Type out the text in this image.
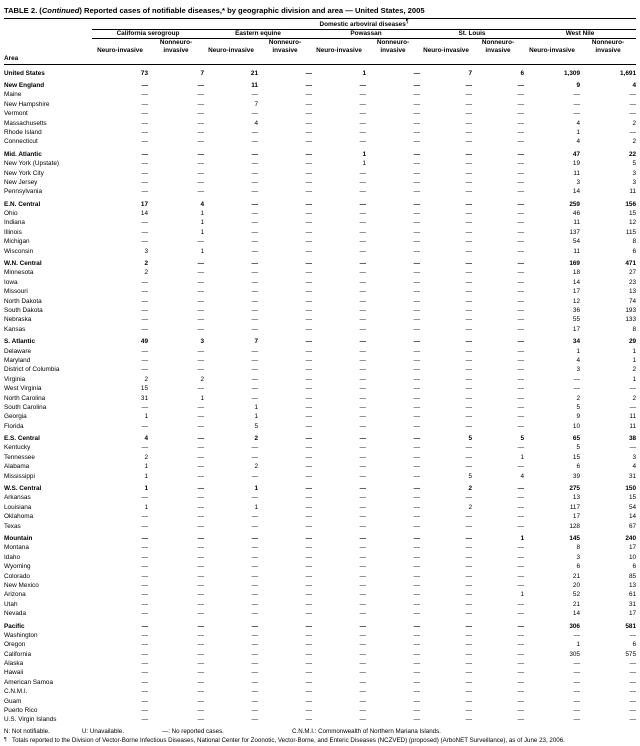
TABLE 2. (Continued) Reported cases of notifiable diseases,* by geographic division and area — United States, 2005
	Domestic arboviral diseases¶
	California serogroup		Eastern equine		Powassan		St. Louis		West Nile	
	Neuro-invasive	Nonneuro-invasive	Neuro-invasive	Nonneuro-invasive	Neuro-invasive	Nonneuro-invasive	Neuro-invasive	Nonneuro-invasive	Neuro-invasive	Nonneuro-invasive
Area										
United States	73	7	21	—	1	—	7	6	1,309	1,691
New England	—	—	11	—	—	—	—	—	9	4
Maine	—	—	—	—	—	—	—	—	—	—
New Hampshire	—	—	7	—	—	—	—	—	—	—
Vermont	—	—	—	—	—	—	—	—	—	—
Massachusetts	—	—	4	—	—	—	—	—	4	2
Rhode Island	—	—	—	—	—	—	—	—	1	—
Connecticut	—	—	—	—	—	—	—	—	4	2
Mid. Atlantic	—	—	—	—	1	—	—	—	47	22
New York (Upstate)	—	—	—	—	1	—	—	—	19	5
New York City	—	—	—	—	—	—	—	—	11	3
New Jersey	—	—	—	—	—	—	—	—	3	3
Pennsylvania	—	—	—	—	—	—	—	—	14	11
E.N. Central	17	4	—	—	—	—	—	—	259	156
Ohio	14	1	—	—	—	—	—	—	46	15
Indiana	—	1	—	—	—	—	—	—	11	12
Illinois	—	1	—	—	—	—	—	—	137	115
Michigan	—	—	—	—	—	—	—	—	54	8
Wisconsin	3	1	—	—	—	—	—	—	11	6
W.N. Central	2	—	—	—	—	—	—	—	169	471
Minnesota	2	—	—	—	—	—	—	—	18	27
Iowa	—	—	—	—	—	—	—	—	14	23
Missouri	—	—	—	—	—	—	—	—	17	13
North Dakota	—	—	—	—	—	—	—	—	12	74
South Dakota	—	—	—	—	—	—	—	—	36	193
Nebraska	—	—	—	—	—	—	—	—	55	133
Kansas	—	—	—	—	—	—	—	—	17	8
S. Atlantic	49	3	7	—	—	—	—	—	34	29
Delaware	—	—	—	—	—	—	—	—	1	1
Maryland	—	—	—	—	—	—	—	—	4	1
District of Columbia	—	—	—	—	—	—	—	—	3	2
Virginia	2	2	—	—	—	—	—	—	—	1
West Virginia	15	—	—	—	—	—	—	—	—	—
North Carolina	31	1	—	—	—	—	—	—	2	2
South Carolina	—	—	1	—	—	—	—	—	5	—
Georgia	1	—	1	—	—	—	—	—	9	11
Florida	—	—	5	—	—	—	—	—	10	11
E.S. Central	4	—	2	—	—	—	5	5	65	38
Kentucky	—	—	—	—	—	—	—	—	5	—
Tennessee	2	—	—	—	—	—	—	1	15	3
Alabama	1	—	2	—	—	—	—	—	6	4
Mississippi	1	—	—	—	—	—	5	4	39	31
W.S. Central	1	—	1	—	—	—	2	—	275	150
Arkansas	—	—	—	—	—	—	—	—	13	15
Louisiana	1	—	1	—	—	—	2	—	117	54
Oklahoma	—	—	—	—	—	—	—	—	17	14
Texas	—	—	—	—	—	—	—	—	128	67
Mountain	—	—	—	—	—	—	—	1	145	240
Montana	—	—	—	—	—	—	—	—	8	17
Idaho	—	—	—	—	—	—	—	—	3	10
Wyoming	—	—	—	—	—	—	—	—	6	6
Colorado	—	—	—	—	—	—	—	—	21	85
New Mexico	—	—	—	—	—	—	—	—	20	13
Arizona	—	—	—	—	—	—	—	1	52	61
Utah	—	—	—	—	—	—	—	—	21	31
Nevada	—	—	—	—	—	—	—	—	14	17
Pacific	—	—	—	—	—	—	—	—	306	581
Washington	—	—	—	—	—	—	—	—	—	—
Oregon	—	—	—	—	—	—	—	—	1	6
California	—	—	—	—	—	—	—	—	305	575
Alaska	—	—	—	—	—	—	—	—	—	—
Hawaii	—	—	—	—	—	—	—	—	—	—
American Samoa	—	—	—	—	—	—	—	—	—	—
C.N.M.I.	—	—	—	—	—	—	—	—	—	—
Guam	—	—	—	—	—	—	—	—	—	—
Puerto Rico	—	—	—	—	—	—	—	—	—	—
U.S. Virgin Islands	—	—	—	—	—	—	—	—	—	—
N: Not notifiable.	U: Unavailable.	—: No reported cases.	C.N.M.I.: Commonwealth of Northern Mariana Islands.
¶ Totals reported to the Division of Vector-Borne Infectious Diseases, National Center for Zoonotic, Vector-Borne, and Enteric Diseases (NCZVED) (proposed) (ArboNET Surveillance), as of June 23, 2006.
